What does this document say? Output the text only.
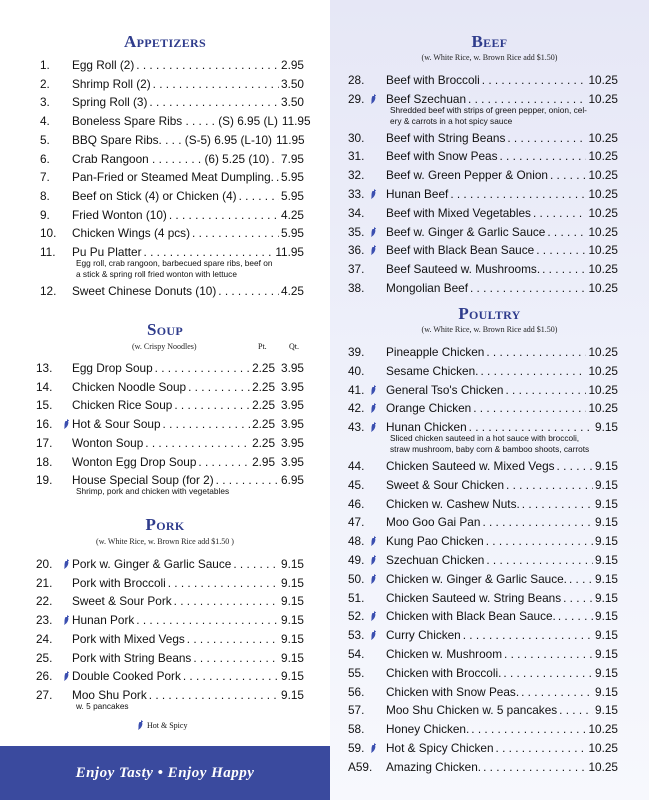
Appetizers
Soup
(w. Crispy Noodles)	Pt.	Qt.
Pork
(w. White Rice, w. Brown Rice add $1.50 )
Beef
(w. White Rice, w. Brown Rice add $1.50)
Poultry
(w. White Rice, w. Brown Rice add $1.50)
1. Egg Roll (2) . . .	2.95
2. Shrimp Roll (2) . . .	3.50
3. Spring Roll (3) . . .	3.50
4. Boneless Spare Ribs . . . . . (S) 6.95 (L) 11.95
5. BBQ Spare Ribs. . . . (S-5) 6.95 (L-10) 11.95
6. Crab Rangoon . . . . . . . . (6) 5.25 (10) . . . 7.95
7. Pan-Fried or Steamed Meat Dumpling. . . . 5.95
8. Beef on Stick (4) or Chicken (4) . . .	5.95
9. Fried Wonton (10) . . .	4.25
10. Chicken Wings (4 pcs) . . .	5.95
11. Pu Pu Platter . . .	11.95
Egg roll, crab rangoon, barbecued spare ribs, beef on
a stick & spring roll fried wonton with lettuce
12. Sweet Chinese Donuts (10) . . .	4.25
13. Egg Drop Soup . . .	2.25 3.95
14. Chicken Noodle Soup . . .	2.25 3.95
15. Chicken Rice Soup . . .	2.25 3.95
16. Hot & Sour Soup . . .	2.25 3.95
17. Wonton Soup . . .	2.25 3.95
18. Wonton Egg Drop Soup . . .	2.95 3.95
19. House Special Soup (for 2) . . .	6.95
Shrimp, pork and chicken with vegetables
20. Pork w. Ginger & Garlic Sauce . . .	9.15
21. Pork with Broccoli . . .	9.15
22. Sweet & Sour Pork . . .	9.15
23. Hunan Pork . . .	9.15
24. Pork with Mixed Vegs . . .	9.15
25. Pork with String Beans . . .	9.15
26. Double Cooked Pork . . .	9.15
27. Moo Shu Pork . . .	9.15
w. 5 pancakes
28. Beef with Broccoli . . .	10.25
29. Beef Szechuan . . .	10.25
Shredded beef with strips of green pepper, onion, cel-
ery & carrots in a hot spicy sauce
30. Beef with String Beans . . .	10.25
31. Beef with Snow Peas . . .	10.25
32. Beef w. Green Pepper & Onion . . .	10.25
33. Hunan Beef . . .	10.25
34. Beef with Mixed Vegetables . . .	10.25
35. Beef w. Ginger & Garlic Sauce . . .	10.25
36. Beef with Black Bean Sauce . . .	10.25
37. Beef Sauteed w. Mushrooms. . . .	10.25
38. Mongolian Beef . . .	10.25
39. Pineapple Chicken . . .	10.25
40. Sesame Chicken. . . .	10.25
41. General Tso's Chicken . . .	10.25
42. Orange Chicken . . .	10.25
43. Hunan Chicken . . .	9.15
Sliced chicken sauteed in a hot sauce with broccoli,
straw mushroom, baby corn & bamboo shoots, carrots
44. Chicken Sauteed w. Mixed Vegs . . .	9.15
45. Sweet & Sour Chicken . . .	9.15
46. Chicken w. Cashew Nuts. . . .	9.15
47. Moo Goo Gai Pan . . .	9.15
48. Kung Pao Chicken . . .	9.15
49. Szechuan Chicken . . .	9.15
50. Chicken w. Ginger & Garlic Sauce. . . . 9.15
51. Chicken Sauteed w. String Beans . . .	9.15
52. Chicken with Black Bean Sauce. . . .	9.15
53. Curry Chicken . . .	9.15
54. Chicken w. Mushroom . . .	9.15
55. Chicken with Broccoli. . . .	9.15
56. Chicken with Snow Peas. . . .	9.15
57. Moo Shu Chicken w. 5 pancakes . . .	9.15
58. Honey Chicken. . . .	10.25
59. Hot & Spicy Chicken . . .	10.25
A59. Amazing Chicken. . . .	10.25
Hot & Spicy
Enjoy Tasty • Enjoy Happy
